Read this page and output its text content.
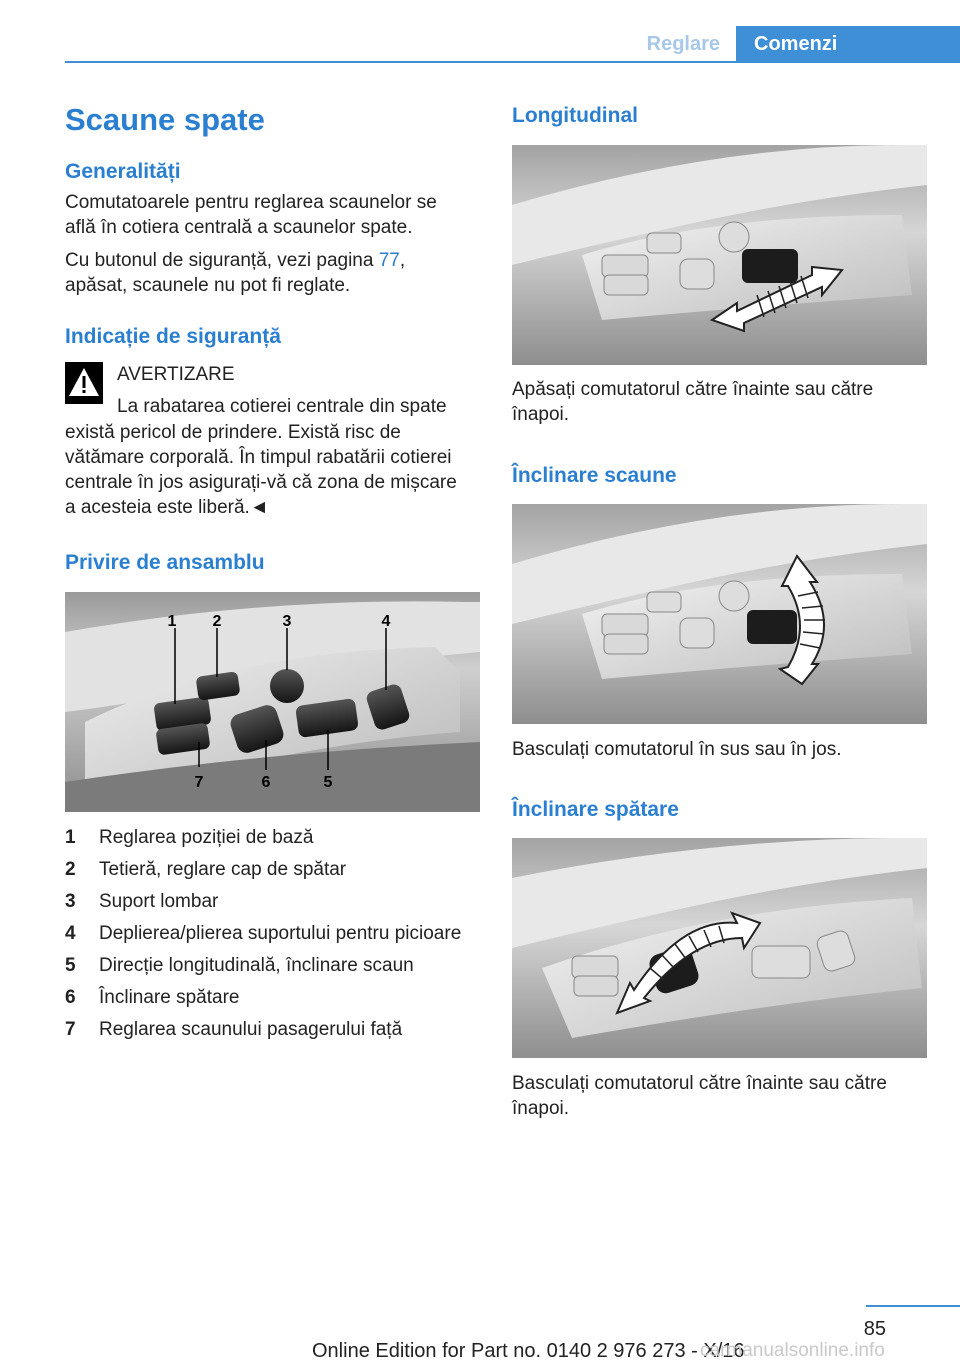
Reglare	Comenzi
Scaune spate
Generalități

Comutatoarele pentru reglarea scaunelor se
află în cotiera centrală a scaunelor spate.

Cu butonul de siguranță, vezi pagina 77,
apăsat, scaunele nu pot fi reglate.

Indicație de siguranță
AVERTIZARE
La rabatarea cotierei centrale din spate

există pericol de prindere. Există risc de

vătămare corporală. În timpul rabatării cotierei

centrale în jos asigurați-vă că zona de mișcare

a acesteia este liberă.◄

Privire de ansamblu
1 2	3	4
7	6	5
1 Reglarea poziției de bază
2 Tetieră, reglare cap de spătar
3 Suport lombar
4 Deplierea/plierea suportului pentru picioare
5 Direcție longitudinală, înclinare scaun
6 Înclinare spătare
7 Reglarea scaunului pasagerului față
Longitudinal

Apăsați comutatorul către înainte sau către

înapoi.

Înclinare scaune

Basculați comutatorul în sus sau în jos.

Înclinare spătare

Basculați comutatorul către înainte sau către

înapoi.

85
Online Edition for Part no. 0140 2 976 273 - X/16
carmanualsonline.info
